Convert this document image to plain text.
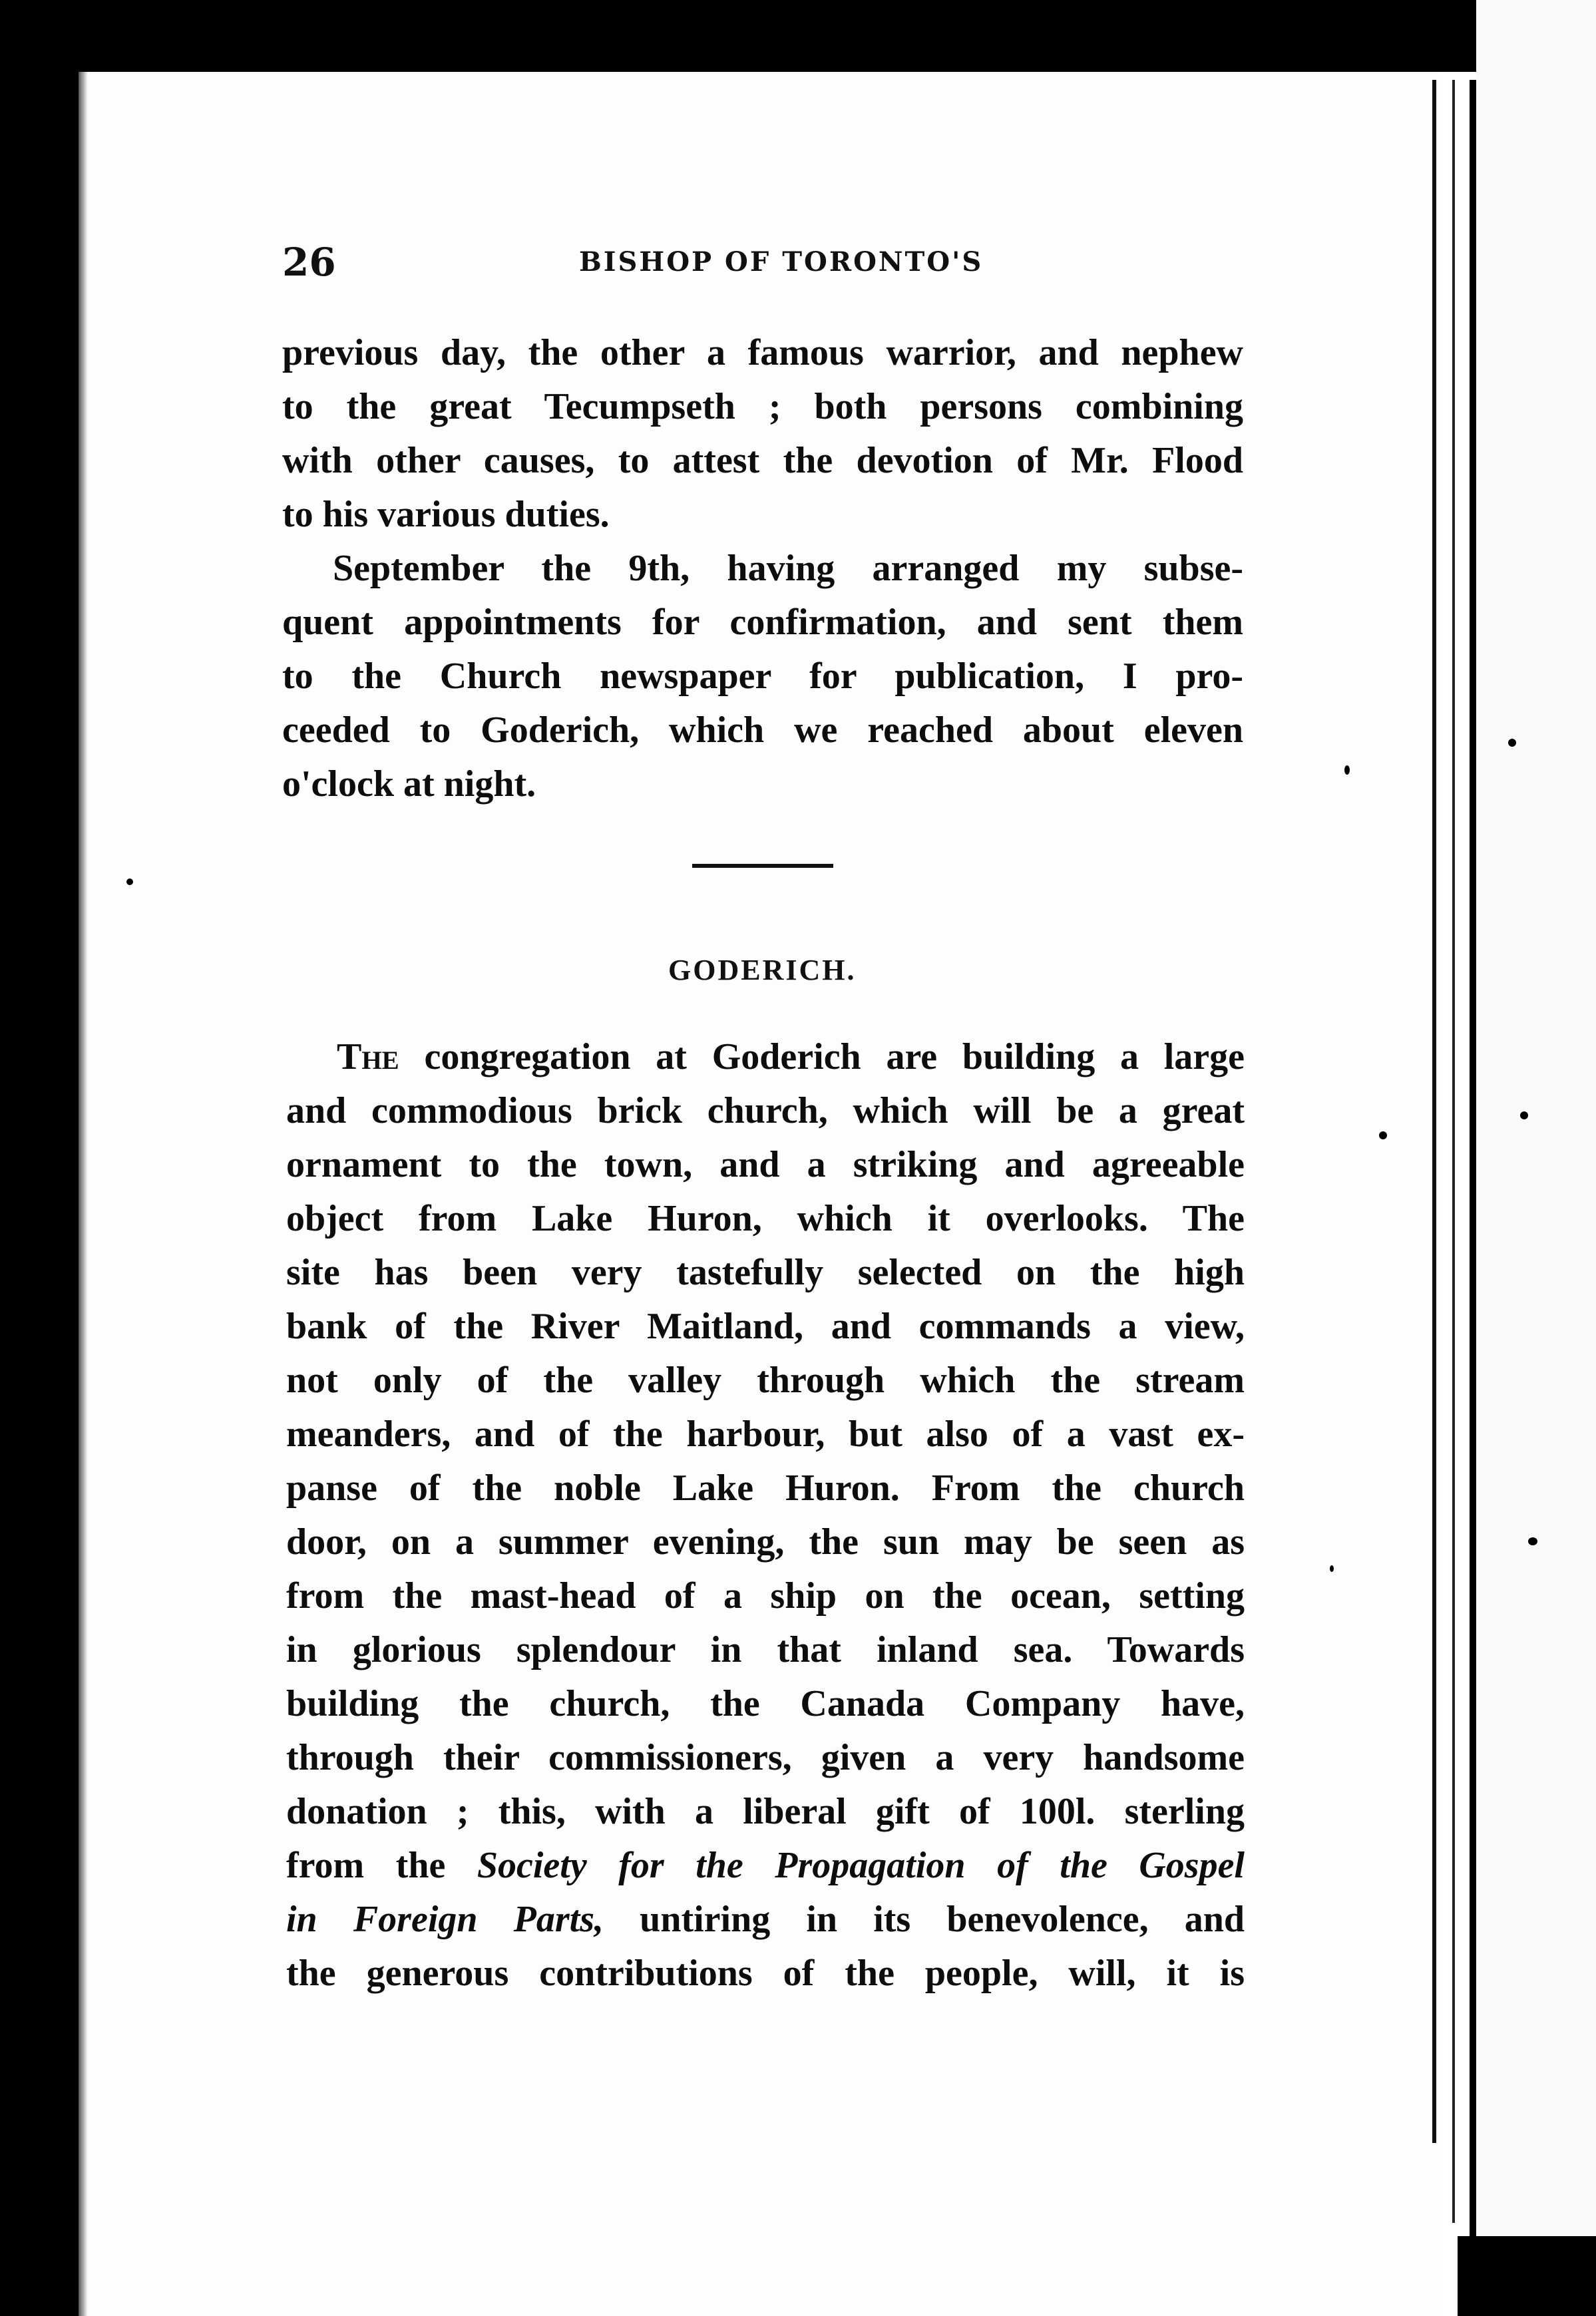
26	BISHOP OF TORONTO'S
previous day, the other a famous warrior, and nephew
to the great Tecumpseth ; both persons combining
with other causes, to attest the devotion of Mr. Flood
to his various duties.
September the 9th, having arranged my subse-
quent appointments for confirmation, and sent them
to the Church newspaper for publication, I pro-
ceeded to Goderich, which we reached about eleven
o'clock at night.
GODERICH.
The congregation at Goderich are building a large
and commodious brick church, which will be a great
ornament to the town, and a striking and agreeable
object from Lake Huron, which it overlooks. The
site has been very tastefully selected on the high
bank of the River Maitland, and commands a view,
not only of the valley through which the stream
meanders, and of the harbour, but also of a vast ex-
panse of the noble Lake Huron. From the church
door, on a summer evening, the sun may be seen as
from the mast-head of a ship on the ocean, setting
in glorious splendour in that inland sea. Towards
building the church, the Canada Company have,
through their commissioners, given a very handsome
donation ; this, with a liberal gift of 100l. sterling
from the Society for the Propagation of the Gospel
in Foreign Parts, untiring in its benevolence, and
the generous contributions of the people, will, it is
